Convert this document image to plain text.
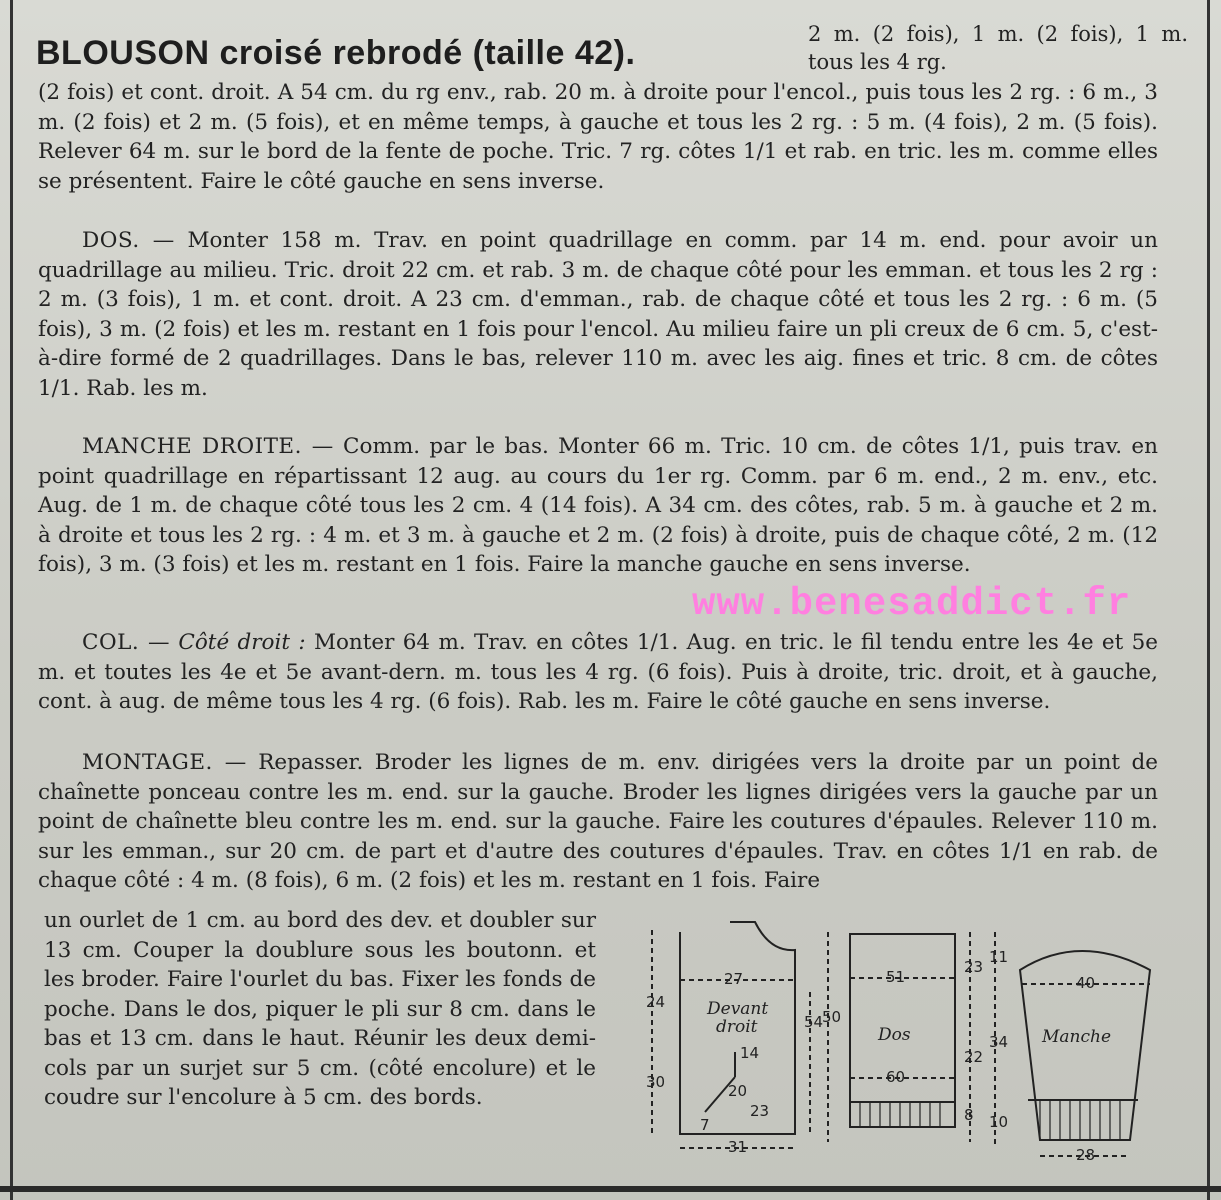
BLOUSON croisé rebrodé (taille 42).	2 m. (2 fois), 1 m. (2 fois), 1 m. tous les 4 rg.

(2 fois) et cont. droit. A 54 cm. du rg env., rab. 20 m. à droite pour l'encol., puis tous les 2 rg. : 6 m., 3 m. (2 fois) et 2 m. (5 fois), et en même temps, à gauche et tous les 2 rg. : 5 m. (4 fois), 2 m. (5 fois). Relever 64 m. sur le bord de la fente de poche. Tric. 7 rg. côtes 1/1 et rab. en tric. les m. comme elles se présentent. Faire le côté gauche en sens inverse.

DOS. — Monter 158 m. Trav. en point quadrillage en comm. par 14 m. end. pour avoir un quadrillage au milieu. Tric. droit 22 cm. et rab. 3 m. de chaque côté pour les emman. et tous les 2 rg : 2 m. (3 fois), 1 m. et cont. droit. A 23 cm. d'emman., rab. de chaque côté et tous les 2 rg. : 6 m. (5 fois), 3 m. (2 fois) et les m. restant en 1 fois pour l'encol. Au milieu faire un pli creux de 6 cm. 5, c'est-à-dire formé de 2 quadrillages. Dans le bas, relever 110 m. avec les aig. fines et tric. 8 cm. de côtes 1/1. Rab. les m.

MANCHE DROITE. — Comm. par le bas. Monter 66 m. Tric. 10 cm. de côtes 1/1, puis trav. en point quadrillage en répartissant 12 aug. au cours du 1er rg. Comm. par 6 m. end., 2 m. env., etc. Aug. de 1 m. de chaque côté tous les 2 cm. 4 (14 fois). A 34 cm. des côtes, rab. 5 m. à gauche et 2 m. à droite et tous les 2 rg. : 4 m. et 3 m. à gauche et 2 m. (2 fois) à droite, puis de chaque côté, 2 m. (12 fois), 3 m. (3 fois) et les m. restant en 1 fois. Faire la manche gauche en sens inverse.

COL. — Côté droit : Monter 64 m. Trav. en côtes 1/1. Aug. en tric. le fil tendu entre les 4e et 5e m. et toutes les 4e et 5e avant-dern. m. tous les 4 rg. (6 fois). Puis à droite, tric. droit, et à gauche, cont. à aug. de même tous les 4 rg. (6 fois). Rab. les m. Faire le côté gauche en sens inverse.

MONTAGE. — Repasser. Broder les lignes de m. env. dirigées vers la droite par un point de chaînette ponceau contre les m. end. sur la gauche. Broder les lignes dirigées vers la gauche par un point de chaînette bleu contre les m. end. sur la gauche. Faire les coutures d'épaules. Relever 110 m. sur les emman., sur 20 cm. de part et d'autre des coutures d'épaules. Trav. en côtes 1/1 en rab. de chaque côté : 4 m. (8 fois), 6 m. (2 fois) et les m. restant en 1 fois. Faire

un ourlet de 1 cm. au bord des dev. et doubler sur 13 cm. Couper la doublure sous les boutonn. et les broder. Faire l'ourlet du bas. Fixer les fonds de poche. Dans le dos, piquer le pli sur 8 cm. dans le bas et 13 cm. dans le haut. Réunir les deux demi-cols par un surjet sur 5 cm. (côté encolure) et le coudre sur l'encolure à 5 cm. des bords.
www.benesaddict.fr
Devant
droit
27
31
24
30
54
14
20
23
7
Dos
51
60
50
23
22
8
Manche
40
28
11
34
10
